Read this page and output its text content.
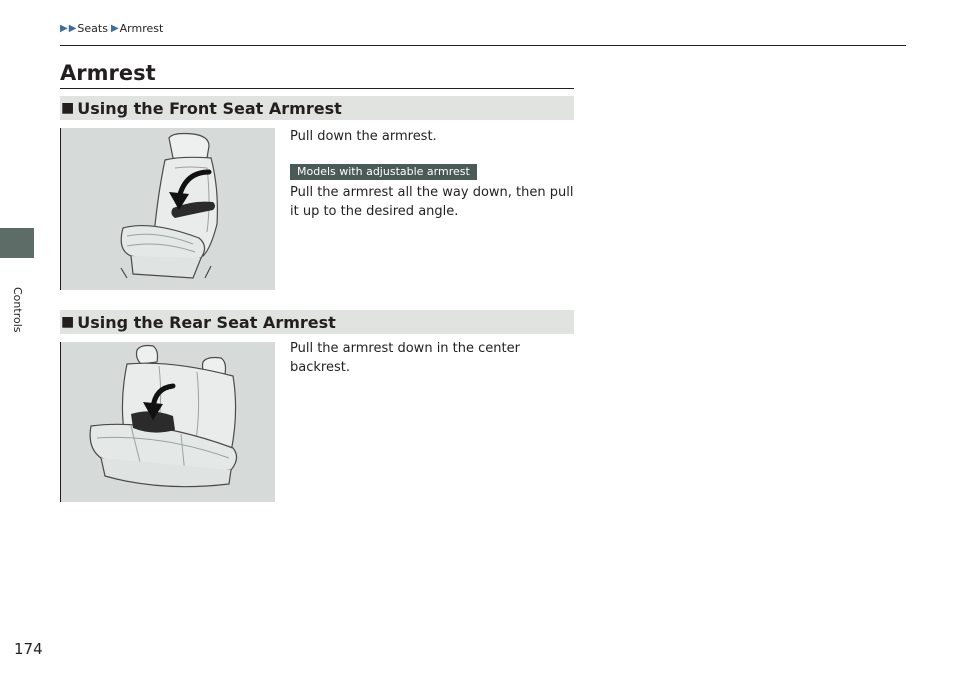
Controls
▶ ▶ Seats ▶ Armrest
Armrest
■ Using the Front Seat Armrest

Pull down the armrest.

Models with adjustable armrest

Pull the armrest all the way down, then pull it up to the desired angle.

■ Using the Rear Seat Armrest

Pull the armrest down in the center backrest.

174
